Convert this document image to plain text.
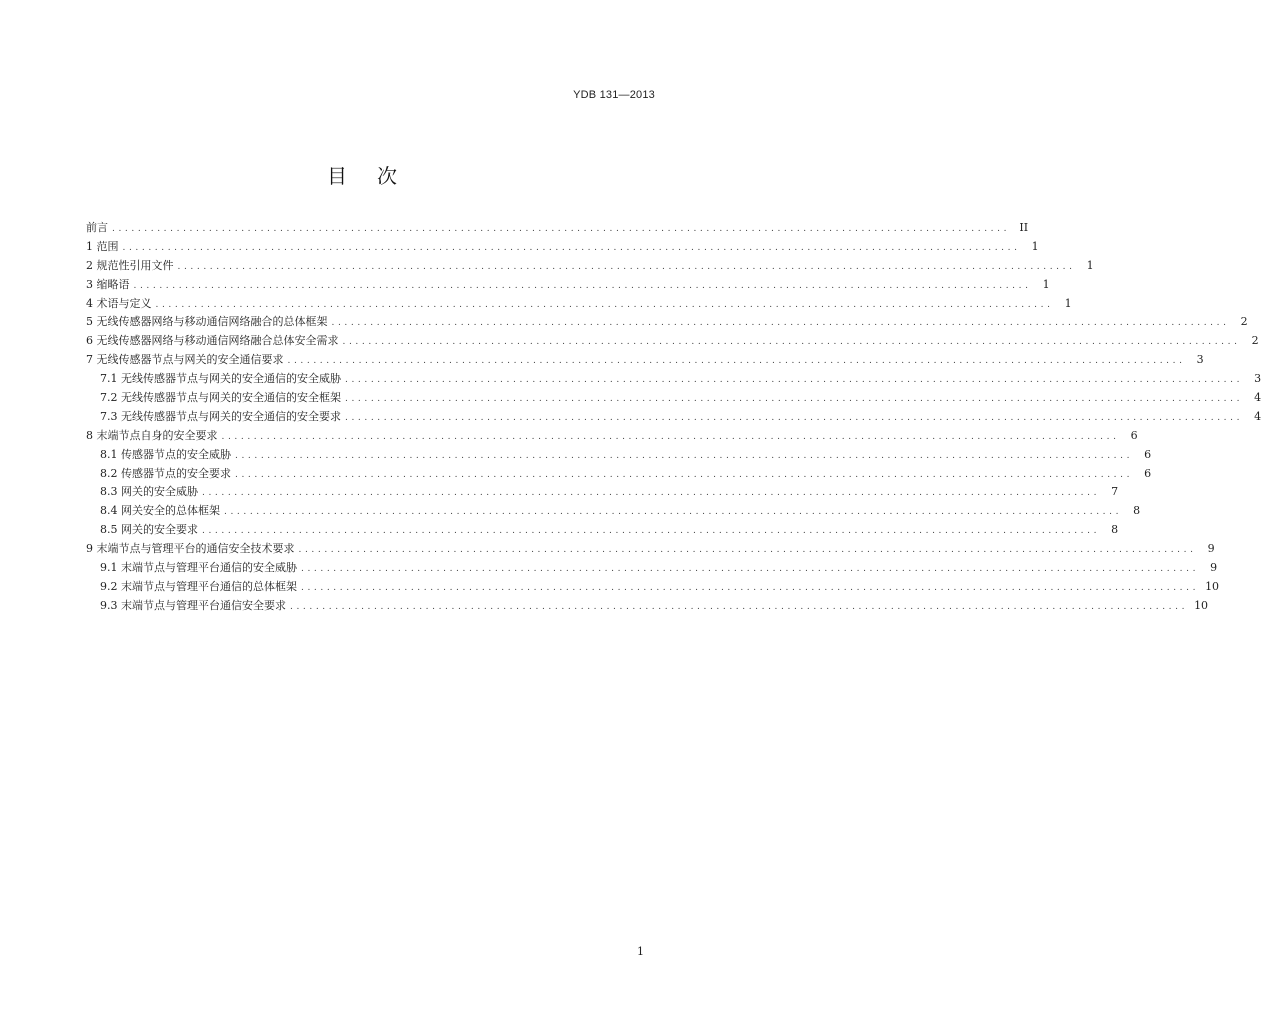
YDB 131—2013
目次
前言 ........................................................................................................................................... II
1 范围 ...........................................................................................................................................	1
2 规范性引用文件 ...........................................................................................................................................	1
3 缩略语 ...........................................................................................................................................	1
4 术语与定义 ...........................................................................................................................................	1
5 无线传感器网络与移动通信网络融合的总体框架 ...........................................................................................................................................	2
6 无线传感器网络与移动通信网络融合总体安全需求 ...........................................................................................................................................	2
7 无线传感器节点与网关的安全通信要求 ...........................................................................................................................................	3
7.1 无线传感器节点与网关的安全通信的安全威胁 ...........................................................................................................................................	3
7.2 无线传感器节点与网关的安全通信的安全框架 ...........................................................................................................................................	4
7.3 无线传感器节点与网关的安全通信的安全要求 ...........................................................................................................................................	4
8 末端节点自身的安全要求 ...........................................................................................................................................	6
8.1 传感器节点的安全威胁 ...........................................................................................................................................	6
8.2 传感器节点的安全要求 ...........................................................................................................................................	6
8.3 网关的安全威胁 ...........................................................................................................................................	7
8.4 网关安全的总体框架 ...........................................................................................................................................	8
8.5 网关的安全要求 ...........................................................................................................................................	8
9 末端节点与管理平台的通信安全技术要求 ...........................................................................................................................................	9
9.1 末端节点与管理平台通信的安全威胁 ...........................................................................................................................................	9
9.2 末端节点与管理平台通信的总体框架 ........................................................................................................................................... 10
9.3 末端节点与管理平台通信安全要求 ........................................................................................................................................... 10
1
